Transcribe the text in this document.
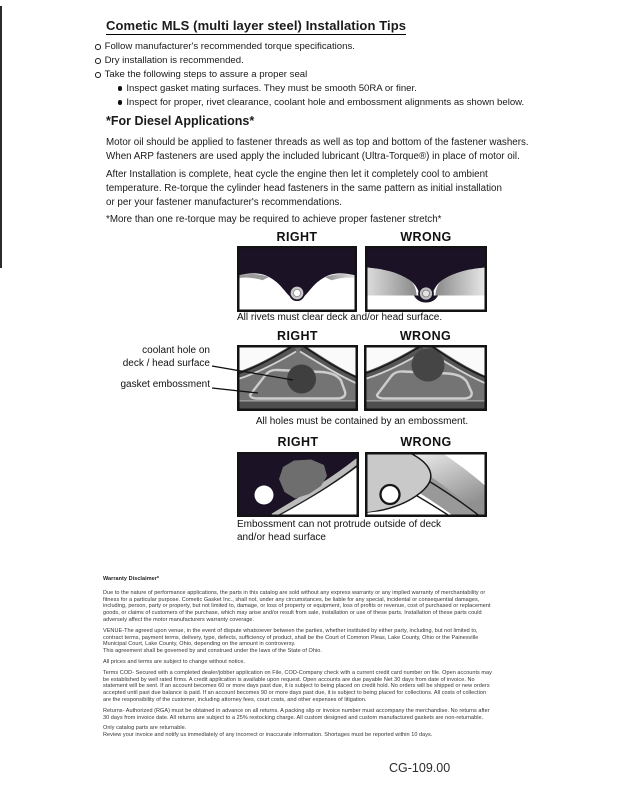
Cometic MLS (multi layer steel) Installation Tips
Follow manufacturer's recommended torque specifications.
Dry installation is recommended.
Take the following steps to assure a proper seal
Inspect gasket mating surfaces. They must be smooth 50RA or finer.
Inspect for proper, rivet clearance, coolant hole and embossment alignments as shown below.
*For Diesel Applications*
Motor oil should be applied to fastener threads as well as top and bottom of the fastener washers.
When ARP fasteners are used apply the included lubricant (Ultra-Torque®) in place of motor oil.
After Installation is complete, heat cycle the engine then let it completely cool to ambient
temperature. Re-torque the cylinder head fasteners in the same pattern as initial installation
or per your fastener manufacturer's recommendations.
*More than one re-torque may be required to achieve proper fastener stretch*
RIGHT	WRONG
All rivets must clear deck and/or head surface.
RIGHT	WRONG
coolant hole on
deck / head surface
gasket embossment
All holes must be contained by an embossment.
RIGHT	WRONG
Embossment can not protrude outside of deck
and/or head surface
Warranty Disclaimer*
Due to the nature of performance applications, the parts in this catalog are sold without any express warranty or any implied warranty of merchantability or
fitness for a particular purpose. Cometic Gasket Inc., shall not, under any circumstances, be liable for any special, incidental or consequential damages,
including, person, party or property, but not limited to, damage, or loss of property or equipment, loss of profits or revenue, cost of purchased or replacement
goods, or claims of customers of the purchase, which may arise and/or result from sale, installation or use of these parts. Installation of these parts could
adversely affect the motor manufacturers warranty coverage.
VENUE-The agreed upon venue, in the event of dispute whatsoever between the parties, whether instituted by either party, including, but not limited to,
contract terms, payment terms, delivery, type, defects, sufficiency of product, shall be the Court of Common Pleas, Lake County, Ohio or the Painesville
Municipal Court, Lake County, Ohio, depending on the amount in controversy.
This agreement shall be governed by and construed under the laws of the State of Ohio.
All prices and terms are subject to change without notice.
Terms COD- Secured with a completed dealer/jobber application on File, COD-Company check with a current credit card number on file. Open accounts may
be established by well rated firms. A credit application is available upon request. Open accounts are due payable Net 30 days from date of invoice. No
statement will be sent. If an account becomes 60 or more days past due, it is subject to being placed on credit hold. No orders will be shipped or new orders
accepted until past due balance is paid. If an account becomes 90 or more days past due, it is subject to being placed for collections. All costs of collection
are the responsibility of the customer, including attorney fees, court costs, and other expenses of litigation.
Returns- Authorized (RGA) must be obtained in advance on all returns. A packing slip or invoice number must accompany the merchandise. No returns after
30 days from invoice date. All returns are subject to a 25% restocking charge. All custom designed and custom manufactured gaskets are non-returnable.
Only catalog parts are returnable.
Review your invoice and notify us immediately of any incorrect or inaccurate information. Shortages must be reported within 10 days.
CG-109.00
